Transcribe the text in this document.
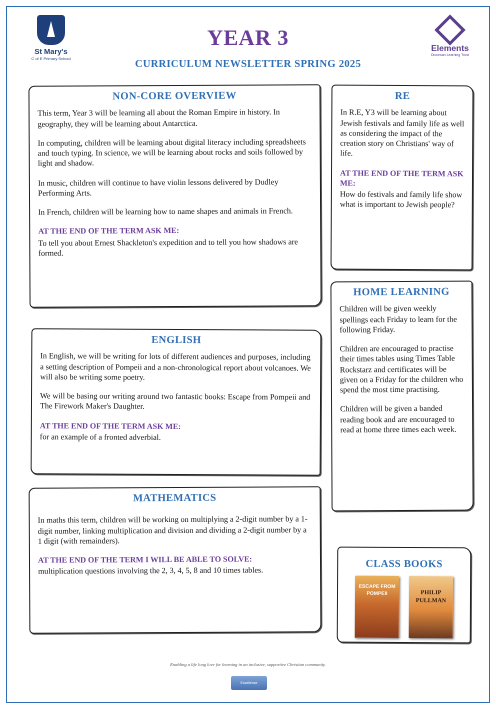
St Mary's
C of E Primary School
YEAR 3
CURRICULUM NEWSLETTER SPRING 2025
Elements
Diocesan Learning Trust
NON-CORE OVERVIEW

This term, Year 3 will be learning all about the Roman Empire in history. In geography, they will be learning about Antarctica.

In computing, children will be learning about digital literacy including spreadsheets and touch typing. In science, we will be learning about rocks and soils followed by light and shadow.

In music, children will continue to have violin lessons delivered by Dudley Performing Arts.

In French, children will be learning how to name shapes and animals in French.

AT THE END OF THE TERM ASK ME:

To tell you about Ernest Shackleton's expedition and to tell you how shadows are formed.

RE

In R.E, Y3 will be learning about Jewish festivals and family life as well as considering the impact of the creation story on Christians' way of life.

AT THE END OF THE TERM ASK ME:

How do festivals and family life show what is important to Jewish people?

ENGLISH

In English, we will be writing for lots of different audiences and purposes, including a setting description of Pompeii and a non-chronological report about volcanoes. We will also be writing some poetry.

We will be basing our writing around two fantastic books: Escape from Pompeii and The Firework Maker's Daughter.

AT THE END OF THE TERM ASK ME:

for an example of a fronted adverbial.

HOME LEARNING

Children will be given weekly spellings each Friday to learn for the following Friday.

Children are encouraged to practise their times tables using Times Table Rockstarz and certificates will be given on a Friday for the children who spend the most time practising.

Children will be given a banded reading book and are encouraged to read at home three times each week.

MATHEMATICS

In maths this term, children will be working on multiplying a 2-digit number by a 1- digit number, linking multiplication and division and dividing a 2-digit number by a 1 digit (with remainders).

AT THE END OF THE TERM I WILL BE ABLE TO SOLVE:

multiplication questions involving the 2, 3, 4, 5, 8 and 10 times tables.

CLASS BOOKS
ESCAPE FROM POMPEII	PHILIP PULLMAN
Enabling a life long love for learning in an inclusive, supportive Christian community.
Excellence
